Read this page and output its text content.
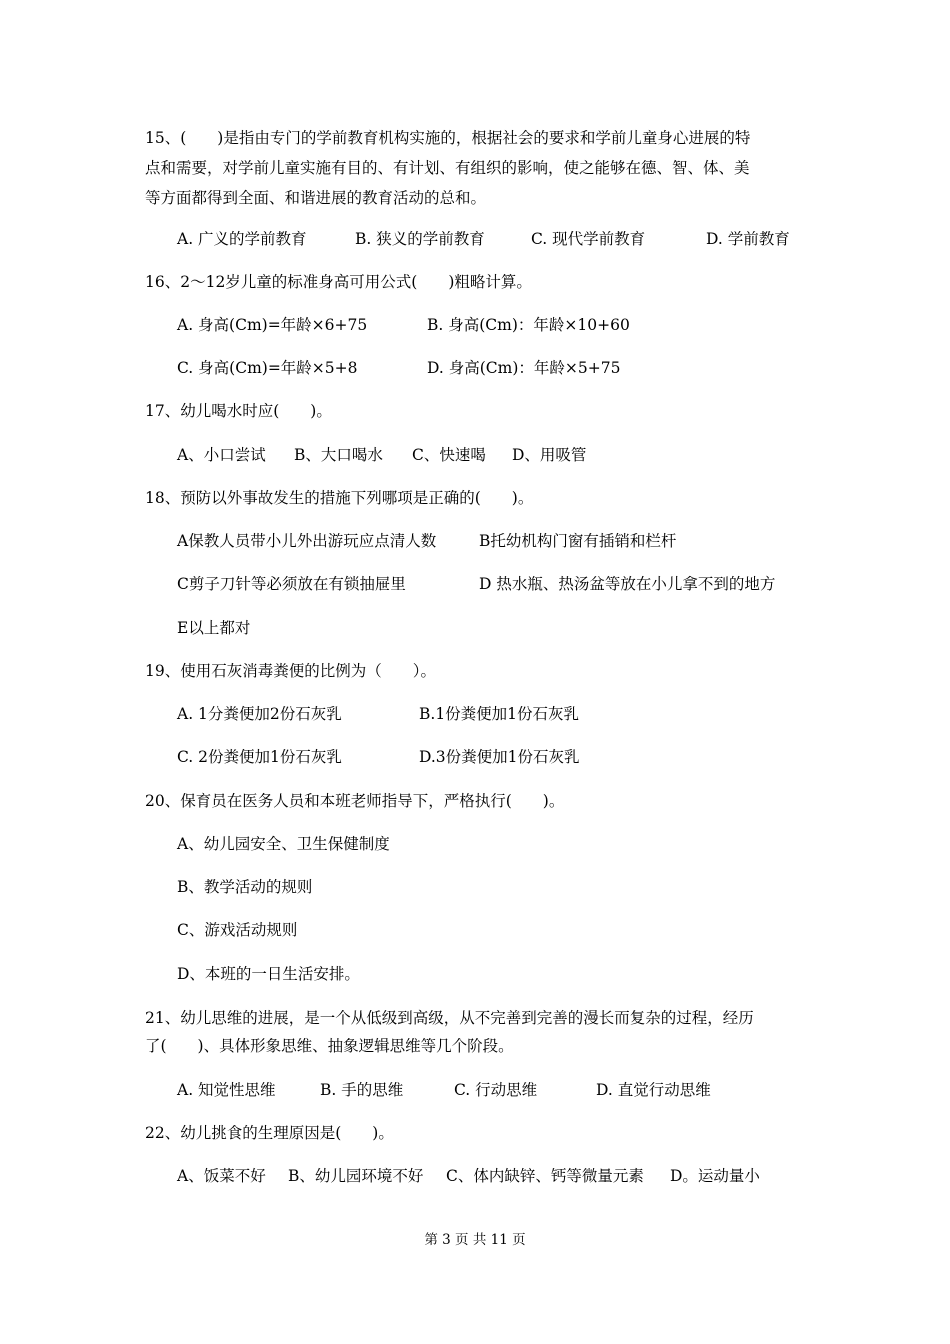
15、(　　)是指由专门的学前教育机构实施的，根据社会的要求和学前儿童身心进展的特
点和需要，对学前儿童实施有目的、有计划、有组织的影响，使之能够在德、智、体、美
等方面都得到全面、和谐进展的教育活动的总和。
A. 广义的学前教育	B. 狭义的学前教育	C. 现代学前教育	D. 学前教育
16、2～12岁儿童的标准身高可用公式(　　)粗略计算。
A. 身高(Cm)=年龄×6+75	B. 身高(Cm)：年龄×10+60
C. 身高(Cm)=年龄×5+8	D. 身高(Cm)：年龄×5+75
17、幼儿喝水时应(　　)。
A、小口尝试 B、大口喝水 C、快速喝 D、用吸管
18、预防以外事故发生的措施下列哪项是正确的(　　)。
A保教人员带小儿外出游玩应点清人数	B托幼机构门窗有插销和栏杆
C剪子刀针等必须放在有锁抽屉里	D 热水瓶、热汤盆等放在小儿拿不到的地方
E以上都对
19、使用石灰消毒粪便的比例为（　　）。
A. 1分粪便加2份石灰乳	B.1份粪便加1份石灰乳
C. 2份粪便加1份石灰乳	D.3份粪便加1份石灰乳
20、保育员在医务人员和本班老师指导下，严格执行(　　)。
A、幼儿园安全、卫生保健制度
B、教学活动的规则
C、游戏活动规则
D、本班的一日生活安排。
21、幼儿思维的进展，是一个从低级到高级，从不完善到完善的漫长而复杂的过程，经历
了(　　)、具体形象思维、抽象逻辑思维等几个阶段。
A. 知觉性思维	B. 手的思维	C. 行动思维	D. 直觉行动思维
22、幼儿挑食的生理原因是(　　)。
A、饭菜不好 B、幼儿园环境不好 C、体内缺锌、钙等微量元素 D。运动量小
第 3 页 共 11 页
